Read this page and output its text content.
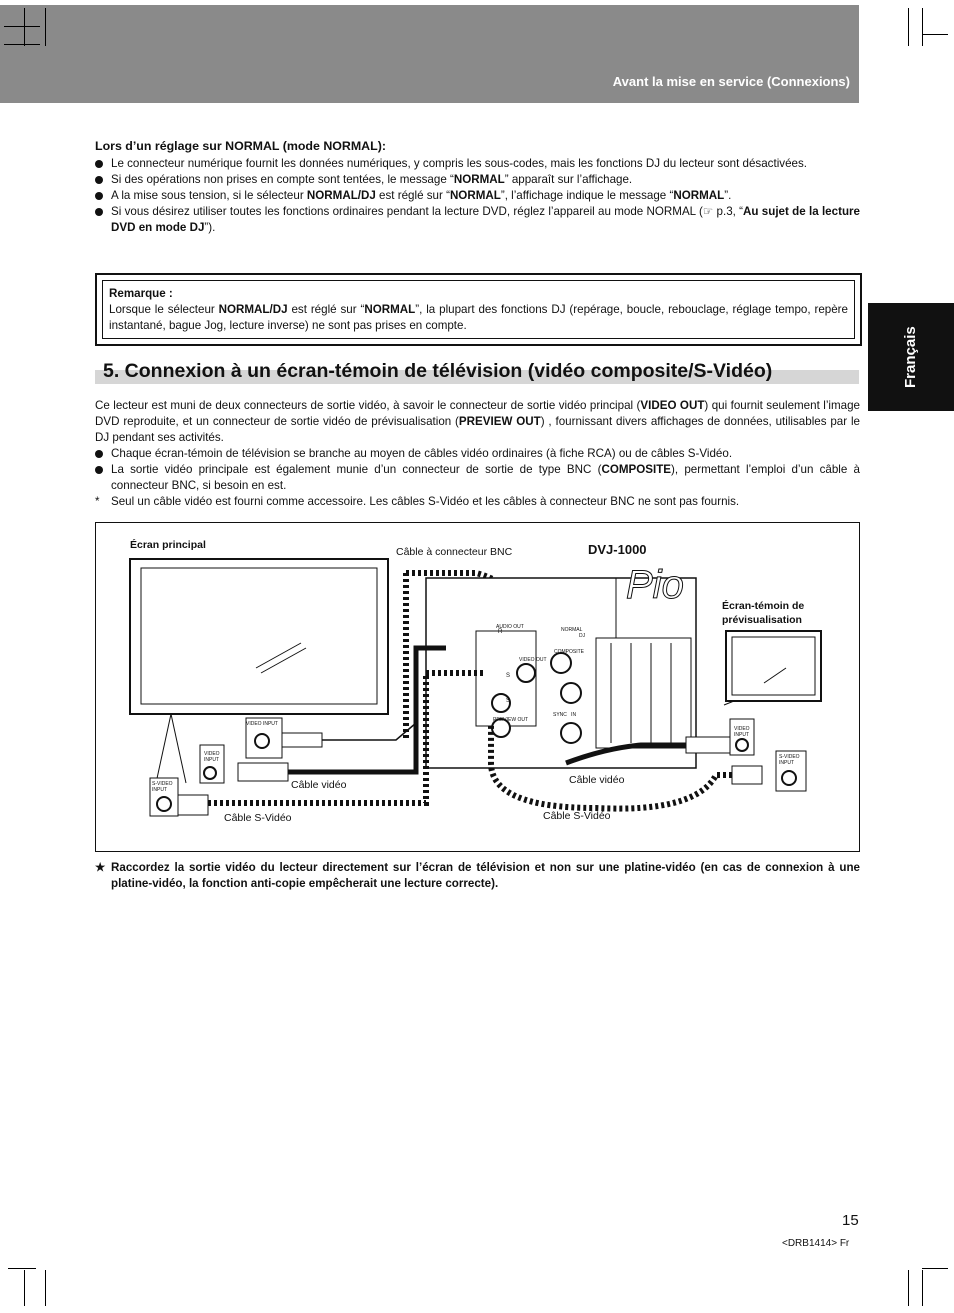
Avant la mise en service (Connexions)
Français
Lors d’un réglage sur NORMAL (mode NORMAL):
Le connecteur numérique fournit les données numériques, y compris les sous-codes, mais les fonctions DJ du lecteur sont désactivées.
Si des opérations non prises en compte sont tentées, le message “NORMAL” apparaît sur l’affichage.
A la mise sous tension, si le sélecteur NORMAL/DJ est réglé sur “NORMAL”, l’affichage indique le message “NORMAL”.
Si vous désirez utiliser toutes les fonctions ordinaires pendant la lecture DVD, réglez l’appareil au mode NORMAL (☞ p.3, “Au sujet de la lecture DVD en mode DJ”).
Remarque :
Lorsque le sélecteur NORMAL/DJ est réglé sur “NORMAL”, la plupart des fonctions DJ (repérage, boucle, rebouclage, réglage tempo, repère instantané, bague Jog, lecture inverse) ne sont pas prises en compte.
5. Connexion à un écran-témoin de télévision (vidéo composite/S-Vidéo)
Ce lecteur est muni de deux connecteurs de sortie vidéo, à savoir le connecteur de sortie vidéo principal (VIDEO OUT) qui fournit seulement l’image DVD reproduite, et un connecteur de sortie vidéo de prévisualisation (PREVIEW OUT) , fournissant divers affichages de données, utilisables par le DJ pendant ses activités.
Chaque écran-témoin de télévision se branche au moyen de câbles vidéo ordinaires (à fiche RCA) ou de câbles S-Vidéo.
La sortie vidéo principale est également munie d’un connecteur de sortie de type BNC (COMPOSITE), permettant l’emploi d’un câble à connecteur BNC, si besoin en est.
* Seul un câble vidéo est fourni comme accessoire. Les câbles S-Vidéo et les câbles à connecteur BNC ne sont pas fournis.
Pio
Écran principal
Câble à connecteur BNC	DVJ-1000
Écran-témoin de
prévisualisation
Câble vidéo
Câble S-Vidéo
Câble vidéo
Câble S-Vidéo
VIDEO INPUT
VIDEO
INPUT
S-VIDEO
INPUT
VIDEO
INPUT
S-VIDEO
INPUT
AUDIO OUT
R	NORMAL
DJ
VIDEO OUT
COMPOSITE
S
S
PREVIEW OUT
SYNC   IN
★ Raccordez la sortie vidéo du lecteur directement sur l’écran de télévision et non sur une platine-vidéo (en cas de connexion à une platine-vidéo, la fonction anti-copie empêcherait une lecture correcte).
15
<DRB1414> Fr
